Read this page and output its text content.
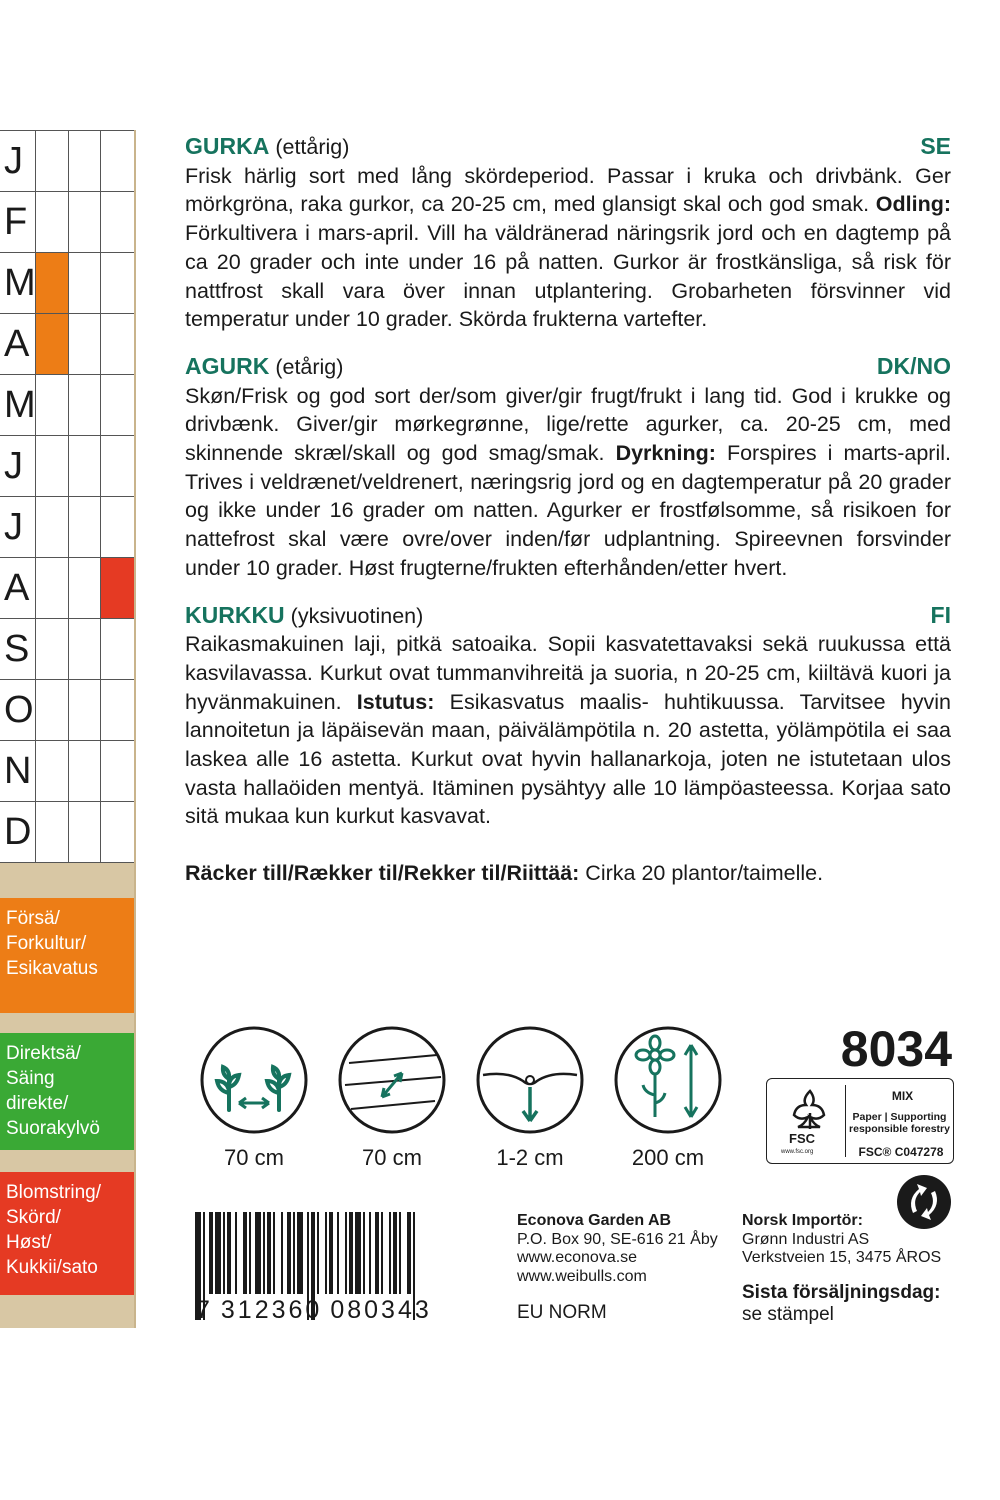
J
F
M
A
M
J
J
A
S
O
N
D
Försä/
Forkultur/
Esikavatus
Direktsä/
Säing
direkte/
Suorakylvö
Blomstring/
Skörd/
Høst/
Kukkii/sato
GURKA (ettårig)	SE
Frisk härlig sort med lång skördeperiod. Passar i kruka och drivbänk. Ger mörkgröna, raka gurkor, ca 20-25 cm, med glansigt skal och god smak. Odling: Förkultivera i mars-april. Vill ha väldränerad näringsrik jord och en dagtemp på ca 20 grader och inte under 16 på natten. Gurkor är frostkänsliga, så risk för nattfrost skall vara över innan utplantering. Grobarheten försvinner vid temperatur under 10 grader. Skörda frukterna vartefter.
AGURK (etårig)	DK/NO
Skøn/Frisk og god sort der/som giver/gir frugt/frukt i lang tid. God i krukke og drivbænk. Giver/gir mørkegrønne, lige/rette agurker, ca. 20-25 cm, med skinnende skræl/skall og god smag/smak. Dyrkning: Forspires i marts-april. Trives i veldrænet/veldrenert, næringsrig jord og en dagtemperatur på 20 grader og ikke under 16 grader om natten. Agurker er frostfølsomme, så risikoen for nattefrost skal være ovre/over inden/før udplantning. Spireevnen forsvinder under 10 grader. Høst frugterne/frukten efterhånden/etter hvert.
KURKKU (yksivuotinen)	FI
Raikasmakuinen laji, pitkä satoaika. Sopii kasvatettavaksi sekä ruukussa että kasvilavassa. Kurkut ovat tummanvihreitä ja suoria, n 20-25 cm, kiiltävä kuori ja hyvänmakuinen. Istutus: Esikasvatus maalis- huhtikuussa. Tarvitsee hyvin lannoitetun ja läpäisevän maan, päivälämpötila n. 20 astetta, yölämpötila ei saa laskea alle 16 astetta. Kurkut ovat hyvin hallanarkoja, joten ne istutetaan ulos vasta hallaöiden mentyä. Itäminen pysähtyy alle 10 lämpöasteessa. Korjaa sato sitä mukaa kun kurkut kasvavat.
Räcker till/Rækker til/Rekker til/Riittää: Cirka 20 plantor/taimelle.
70 cm	70 cm	1-2 cm	200 cm
8034
FSC
www.fsc.org
MIX
Paper | Supporting
responsible forestry
FSC® C047278
7 312360 080343
Econova Garden AB
P.O. Box 90, SE-616 21 Åby
www.econova.se
www.weibulls.com
EU NORM
Norsk Importör:
Grønn Industri AS
Verkstveien 15, 3475 ÅROS
Sista försäljningsdag:
se stämpel
